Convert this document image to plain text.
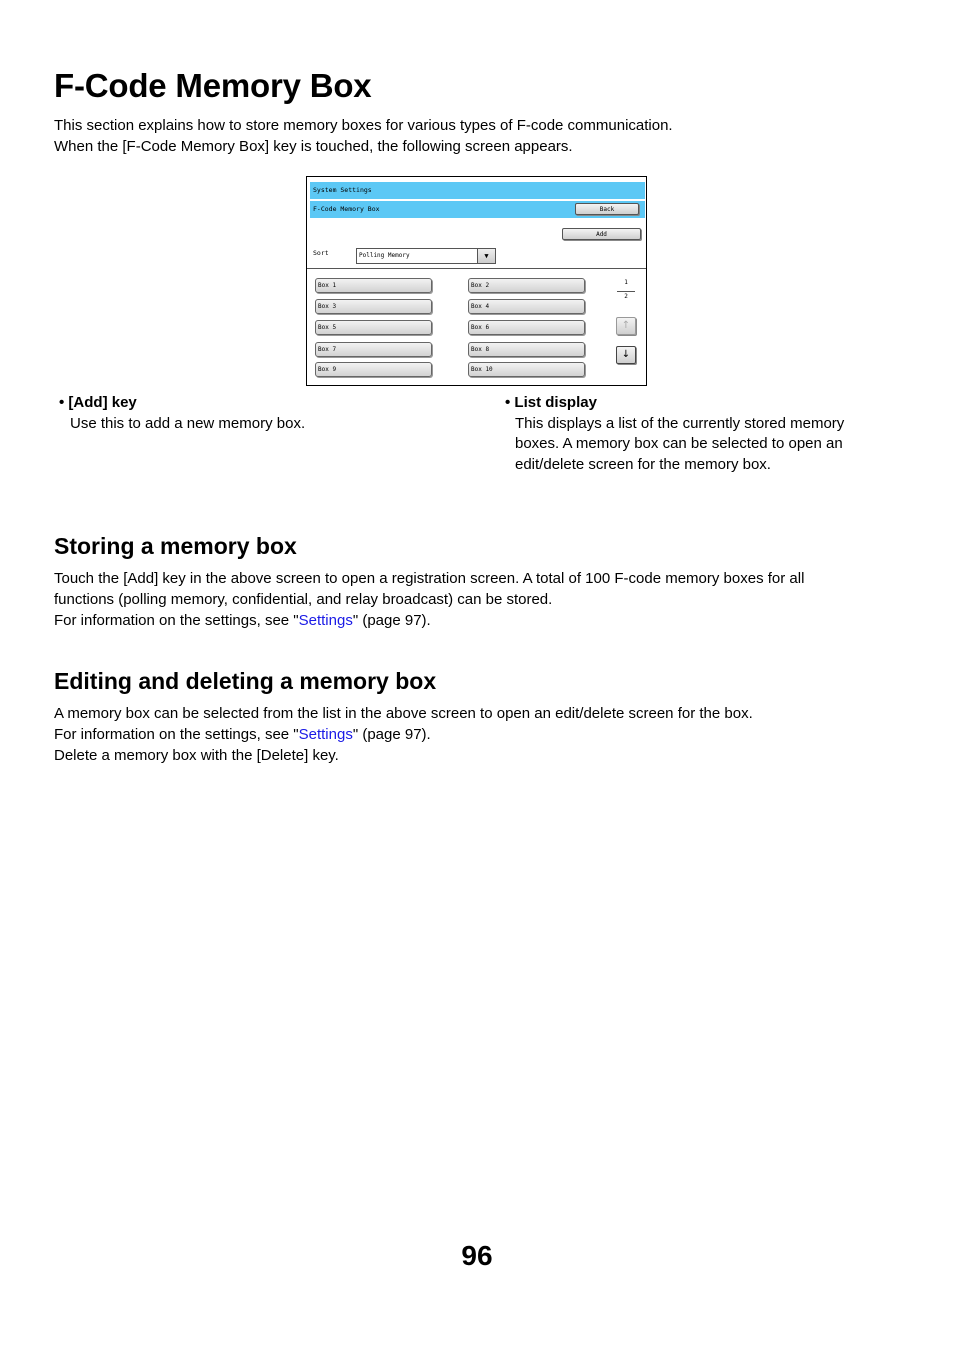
F-Code Memory Box

This section explains how to store memory boxes for various types of F-code communication.

When the [F-Code Memory Box] key is touched, the following screen appears.

System Settings
F-Code Memory Box	Back
Add
Sort	Polling Memory	▼
Box 1	Box 2
Box 3	Box 4
Box 5	Box 6
Box 7	Box 8
Box 9	Box 10
1
2
↑
↓

• [Add] key

Use this to add a new memory box.

• List display

This displays a list of the currently stored memory

boxes. A memory box can be selected to open an

edit/delete screen for the memory box.

Storing a memory box

Touch the [Add] key in the above screen to open a registration screen. A total of 100 F-code memory boxes for all

functions (polling memory, confidential, and relay broadcast) can be stored.

For information on the settings, see "Settings" (page 97).

Editing and deleting a memory box

A memory box can be selected from the list in the above screen to open an edit/delete screen for the box.

For information on the settings, see "Settings" (page 97).

Delete a memory box with the [Delete] key.

96
